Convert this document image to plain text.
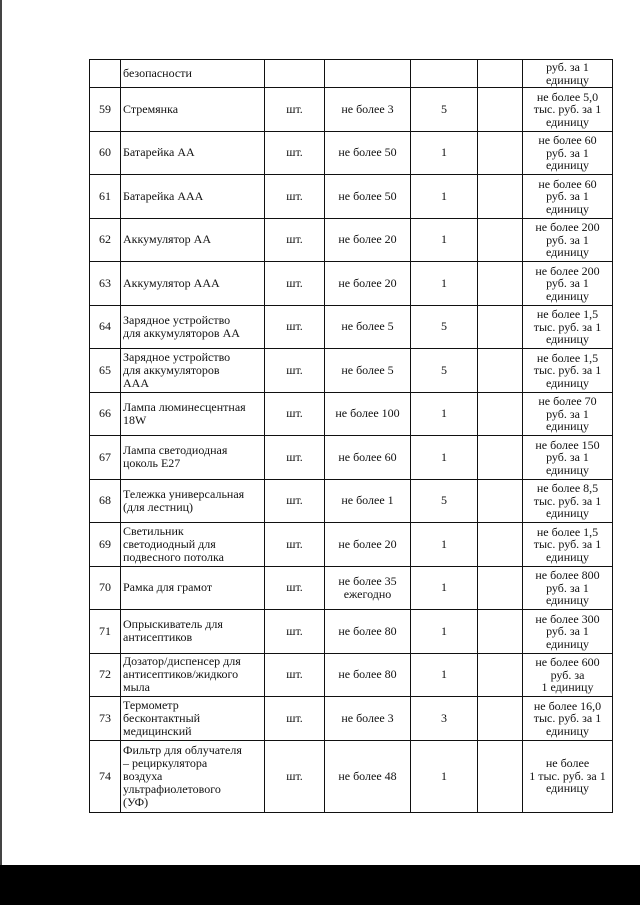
	безопасности					руб. за 1
единицу
59	Стремянка	шт.	не более 3	5		не более 5,0
тыс. руб. за 1
единицу
60	Батарейка АА	шт.	не более 50	1		не более 60
руб. за 1
единицу
61	Батарейка ААА	шт.	не более 50	1		не более 60
руб. за 1
единицу
62	Аккумулятор АА	шт.	не более 20	1		не более 200
руб. за 1
единицу
63	Аккумулятор ААА	шт.	не более 20	1		не более 200
руб. за 1
единицу
64	Зарядное устройство
для аккумуляторов АА	шт.	не более 5	5		не более 1,5
тыс. руб. за 1
единицу
65	Зарядное устройство
для аккумуляторов
ААА	шт.	не более 5	5		не более 1,5
тыс. руб. за 1
единицу
66	Лампа люминесцентная
18W	шт.	не более 100	1		не более 70
руб. за 1
единицу
67	Лампа светодиодная
цоколь Е27	шт.	не более 60	1		не более 150
руб. за 1
единицу
68	Тележка универсальная
(для лестниц)	шт.	не более 1	5		не более 8,5
тыс. руб. за 1
единицу
69	Светильник
светодиодный для
подвесного потолка	шт.	не более 20	1		не более 1,5
тыс. руб. за 1
единицу
70	Рамка для грамот	шт.	не более 35
ежегодно	1		не более 800
руб. за 1
единицу
71	Опрыскиватель для
антисептиков	шт.	не более 80	1		не более 300
руб. за 1
единицу
72	Дозатор/диспенсер для
антисептиков/жидкого
мыла	шт.	не более 80	1		не более 600
руб. за
1 единицу
73	Термометр
бесконтактный
медицинский	шт.	не более 3	3		не более 16,0
тыс. руб. за 1
единицу
74	Фильтр для облучателя
– рециркулятора
воздуха
ультрафиолетового
(УФ)	шт.	не более 48	1		не более
1 тыс. руб. за 1
единицу
